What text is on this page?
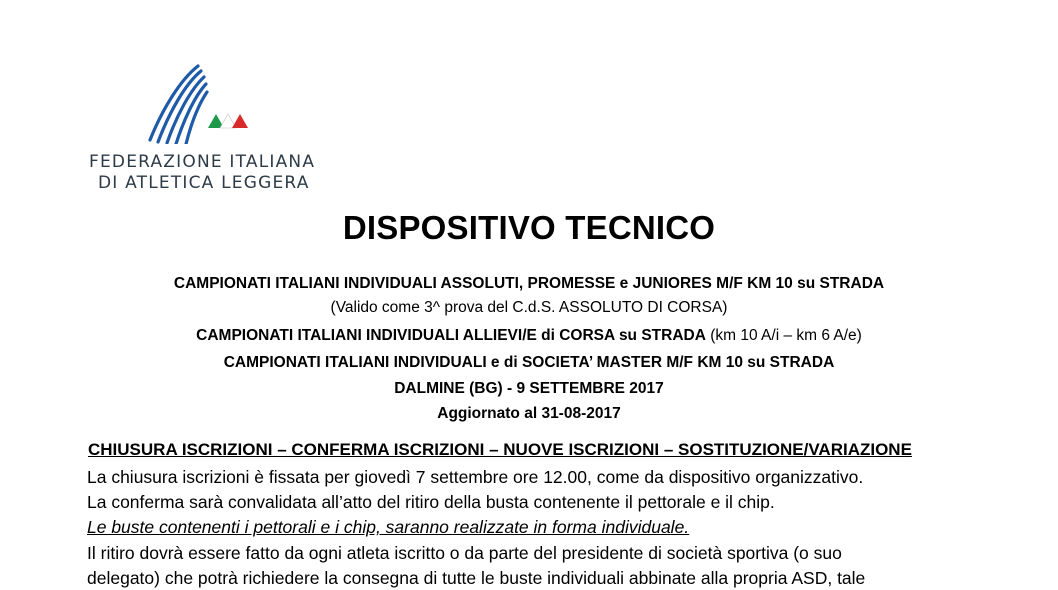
FEDERAZIONE ITALIANA
DI ATLETICA LEGGERA
DISPOSITIVO TECNICO
CAMPIONATI ITALIANI INDIVIDUALI ASSOLUTI, PROMESSE e JUNIORES M/F KM 10 su STRADA
(Valido come 3^ prova del C.d.S. ASSOLUTO DI CORSA)
CAMPIONATI ITALIANI INDIVIDUALI ALLIEVI/E di CORSA su STRADA (km 10 A/i – km 6 A/e)
CAMPIONATI ITALIANI INDIVIDUALI e di SOCIETA’ MASTER M/F KM 10 su STRADA
DALMINE (BG) - 9 SETTEMBRE 2017
Aggiornato al 31-08-2017
CHIUSURA ISCRIZIONI – CONFERMA ISCRIZIONI – NUOVE ISCRIZIONI – SOSTITUZIONE/VARIAZIONE
La chiusura iscrizioni è fissata per giovedì 7 settembre ore 12.00, come da dispositivo organizzativo.
La conferma sarà convalidata all’atto del ritiro della busta contenente il pettorale e il chip.
Le buste contenenti i pettorali e i chip, saranno realizzate in forma individuale.
Il ritiro dovrà essere fatto da ogni atleta iscritto o da parte del presidente di società sportiva (o suo
delegato) che potrà richiedere la consegna di tutte le buste individuali abbinate alla propria ASD, tale
